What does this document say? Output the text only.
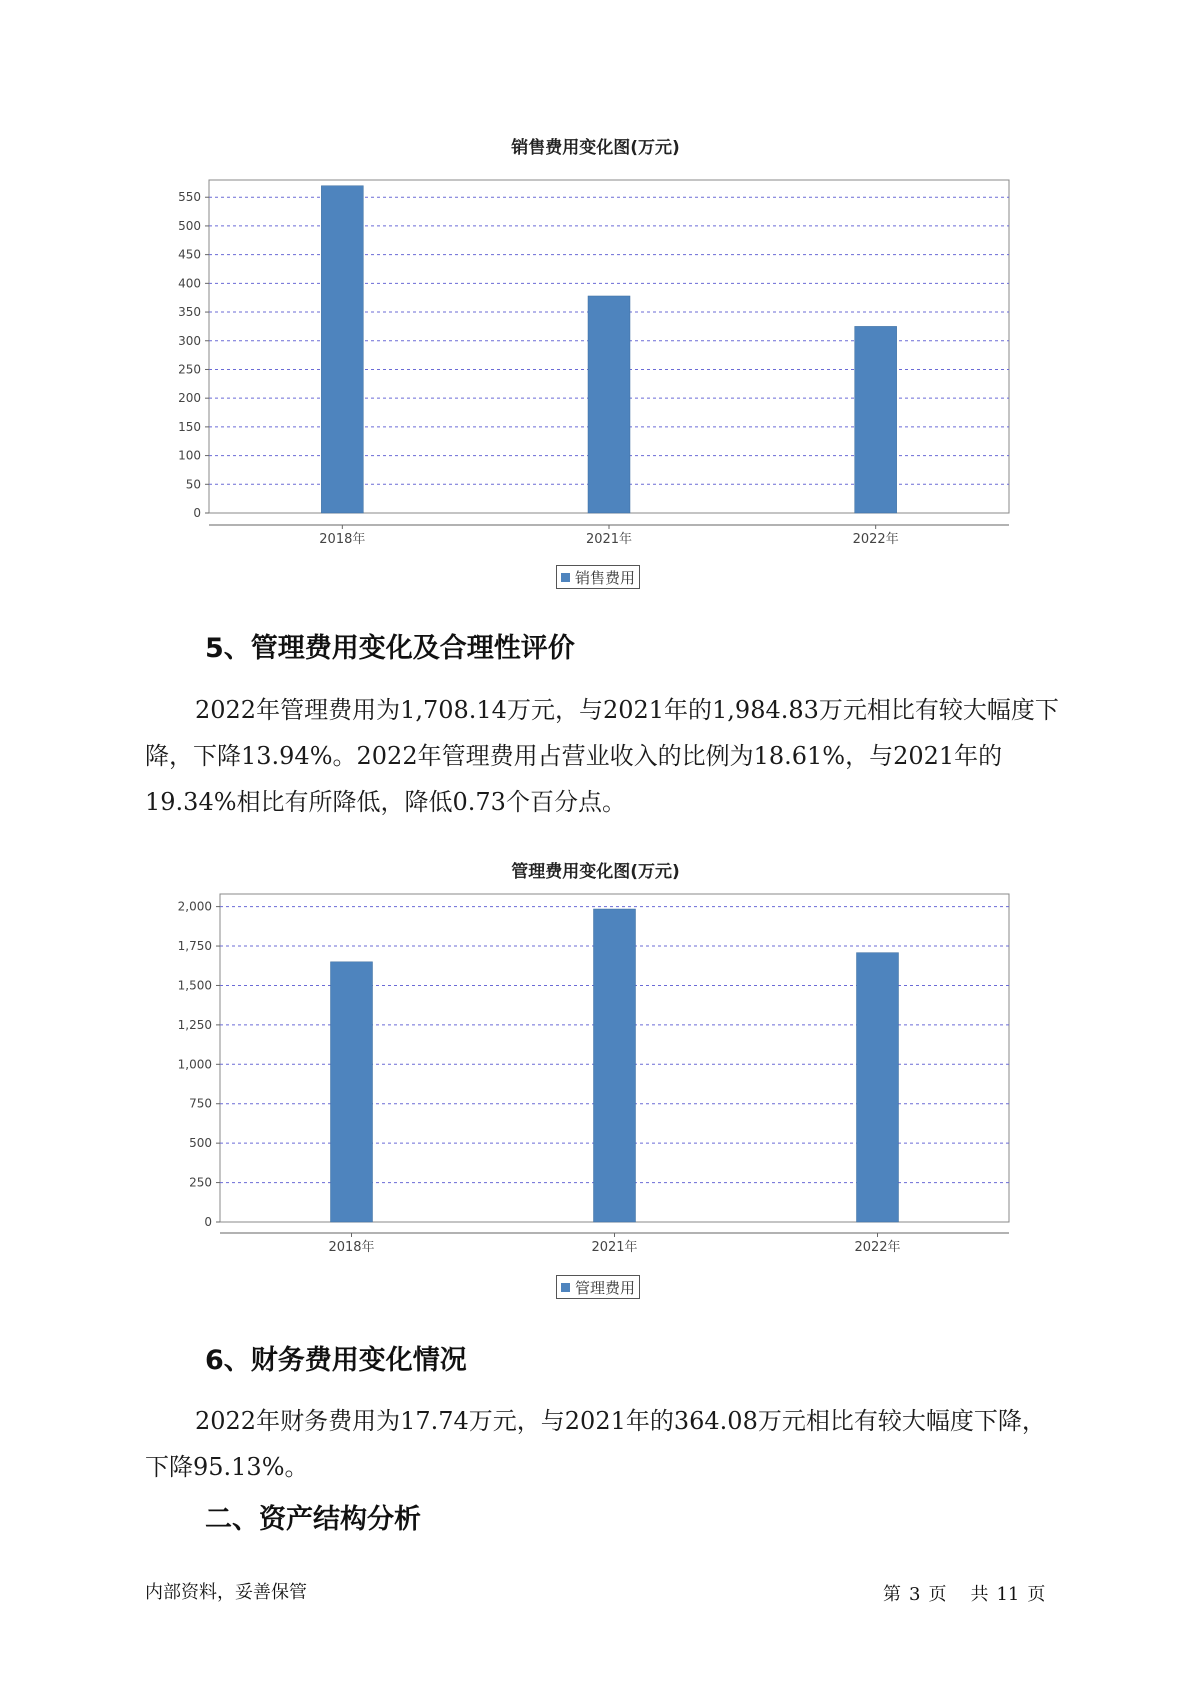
销售费用变化图(万元)
0
50
100
150
200
250
300
350
400
450
500
550
2018年	2021年	2022年
销售费用
5、管理费用变化及合理性评价

2022年管理费用为1,708.14万元，与2021年的1,984.83万元相比有较大幅度下降，下降13.94%。2022年管理费用占营业收入的比例为18.61%，与2021年的19.34%相比有所降低，降低0.73个百分点。

管理费用变化图(万元)
0
250
500
750
1,000
1,250
1,500
1,750
2,000
2018年	2021年	2022年
管理费用
6、财务费用变化情况

2022年财务费用为17.74万元，与2021年的364.08万元相比有较大幅度下降，下降95.13%。

二、资产结构分析
内部资料，妥善保管	第 3 页 共 11 页
